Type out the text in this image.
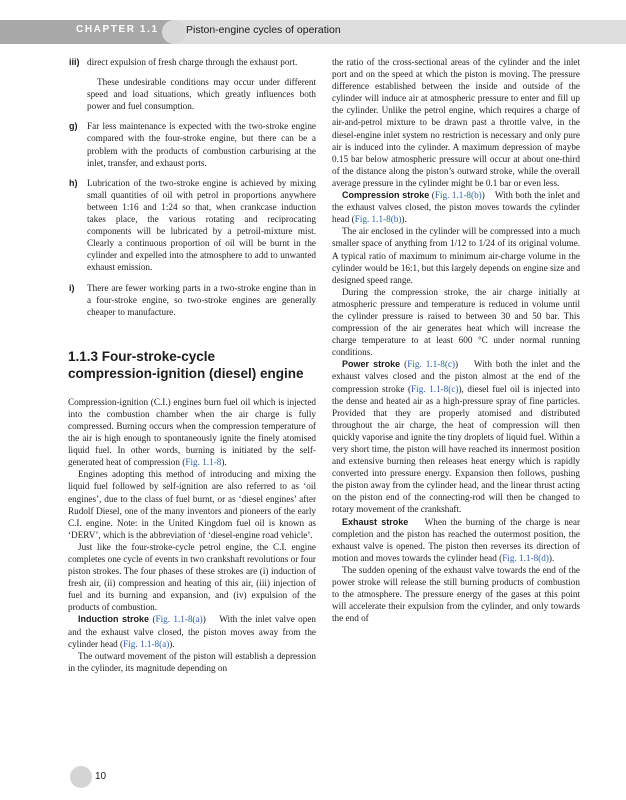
CHAPTER 1.1	Piston-engine cycles of operation
iii) direct expulsion of fresh charge through the exhaust port.

These undesirable conditions may occur under different speed and load situations, which greatly influences both power and fuel consumption.

g) Far less maintenance is expected with the two-stroke engine compared with the four-stroke engine, but there can be a problem with the products of combustion carburising at the inlet, transfer, and exhaust ports.

h) Lubrication of the two-stroke engine is achieved by mixing small quantities of oil with petrol in proportions anywhere between 1:16 and 1:24 so that, when crankcase induction takes place, the various rotating and reciprocating components will be lubricated by a petroil-mixture mist. Clearly a continuous proportion of oil will be burnt in the cylinder and expelled into the atmosphere to add to unwanted exhaust emission.

i) There are fewer working parts in a two-stroke engine than in a four-stroke engine, so two-stroke engines are generally cheaper to manufacture.

1.1.3 Four-stroke-cycle
compression-ignition (diesel) engine

Compression-ignition (C.I.) engines burn fuel oil which is injected into the combustion chamber when the air charge is fully compressed. Burning occurs when the compression temperature of the air is high enough to spontaneously ignite the finely atomised liquid fuel. In other words, burning is initiated by the self-generated heat of compression (Fig. 1.1-8).

Engines adopting this method of introducing and mixing the liquid fuel followed by self-ignition are also referred to as ‘oil engines’, due to the class of fuel burnt, or as ‘diesel engines’ after Rudolf Diesel, one of the many inventors and pioneers of the early C.I. engine. Note: in the United Kingdom fuel oil is known as ‘DERV’, which is the abbreviation of ‘diesel-engine road vehicle’.

Just like the four-stroke-cycle petrol engine, the C.I. engine completes one cycle of events in two crankshaft revolutions or four piston strokes. The four phases of these strokes are (i) induction of fresh air, (ii) compression and heating of this air, (iii) injection of fuel and its burning and expansion, and (iv) expulsion of the products of combustion.

Induction stroke (Fig. 1.1-8(a))    With the inlet valve open and the exhaust valve closed, the piston moves away from the cylinder head (Fig. 1.1-8(a)).

The outward movement of the piston will establish a depression in the cylinder, its magnitude depending on

the ratio of the cross-sectional areas of the cylinder and the inlet port and on the speed at which the piston is moving. The pressure difference established between the inside and outside of the cylinder will induce air at atmospheric pressure to enter and fill up the cylinder. Unlike the petrol engine, which requires a charge of air-and-petrol mixture to be drawn past a throttle valve, in the diesel-engine inlet system no restriction is necessary and only pure air is induced into the cylinder. A maximum depression of maybe 0.15 bar below atmospheric pressure will occur at about one-third of the distance along the piston’s outward stroke, while the overall average pressure in the cylinder might be 0.1 bar or even less.

Compression stroke (Fig. 1.1-8(b))    With both the inlet and the exhaust valves closed, the piston moves towards the cylinder head (Fig. 1.1-8(b)).

The air enclosed in the cylinder will be compressed into a much smaller space of anything from 1/12 to 1/24 of its original volume. A typical ratio of maximum to minimum air-charge volume in the cylinder would be 16:1, but this largely depends on engine size and designed speed range.

During the compression stroke, the air charge initially at atmospheric pressure and temperature is reduced in volume until the cylinder pressure is raised to between 30 and 50 bar. This compression of the air generates heat which will increase the charge temperature to at least 600 °C under normal running conditions.

Power stroke (Fig. 1.1-8(c))    With both the inlet and the exhaust valves closed and the piston almost at the end of the compression stroke (Fig. 1.1-8(c)), diesel fuel oil is injected into the dense and heated air as a high-pressure spray of fine particles. Provided that they are properly atomised and distributed throughout the air charge, the heat of compression will then quickly vaporise and ignite the tiny droplets of liquid fuel. Within a very short time, the piston will have reached its innermost position and extensive burning then releases heat energy which is rapidly converted into pressure energy. Expansion then follows, pushing the piston away from the cylinder head, and the linear thrust acting on the piston end of the connecting-rod will then be changed to rotary movement of the crankshaft.

Exhaust stroke When the burning of the charge is near completion and the piston has reached the outermost position, the exhaust valve is opened. The piston then reverses its direction of motion and moves towards the cylinder head (Fig. 1.1-8(d)).

The sudden opening of the exhaust valve towards the end of the power stroke will release the still burning products of combustion to the atmosphere. The pressure energy of the gases at this point will accelerate their expulsion from the cylinder, and only towards the end of

10
